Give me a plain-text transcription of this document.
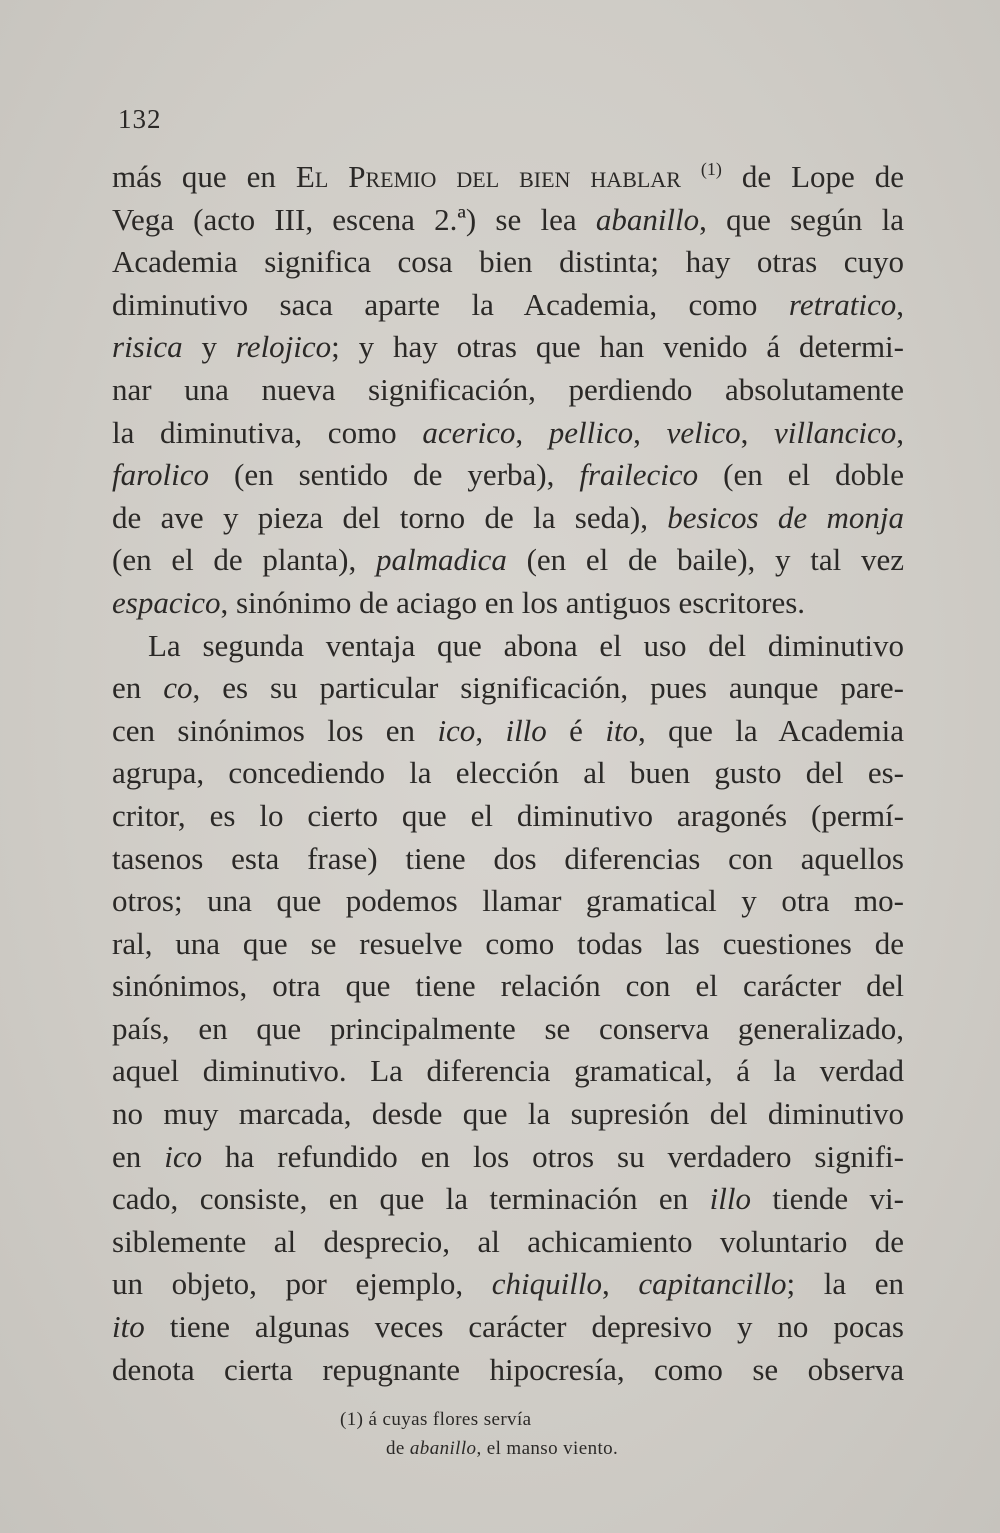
132
más que en El Premio del bien hablar $^{(1)}$ de Lope de
Vega (acto III, escena 2.ª) se lea abanillo, que según la
Academia significa cosa bien distinta; hay otras cuyo
diminutivo saca aparte la Academia, como retratico,
risica y relojico; y hay otras que han venido á determi-
nar una nueva significación, perdiendo absolutamente
la diminutiva, como acerico, pellico, velico, villancico,
farolico (en sentido de yerba), frailecico (en el doble
de ave y pieza del torno de la seda), besicos de monja
(en el de planta), palmadica (en el de baile), y tal vez
espacico, sinónimo de aciago en los antiguos escritores.
La segunda ventaja que abona el uso del diminutivo
en co, es su particular significación, pues aunque pare-
cen sinónimos los en ico, illo é ito, que la Academia
agrupa, concediendo la elección al buen gusto del es-
critor, es lo cierto que el diminutivo aragonés (permí-
tasenos esta frase) tiene dos diferencias con aquellos
otros; una que podemos llamar gramatical y otra mo-
ral, una que se resuelve como todas las cuestiones de
sinónimos, otra que tiene relación con el carácter del
país, en que principalmente se conserva generalizado,
aquel diminutivo. La diferencia gramatical, á la verdad
no muy marcada, desde que la supresión del diminutivo
en ico ha refundido en los otros su verdadero signifi-
cado, consiste, en que la terminación en illo tiende vi-
siblemente al desprecio, al achicamiento voluntario de
un objeto, por ejemplo, chiquillo, capitancillo; la en
ito tiene algunas veces carácter depresivo y no pocas
denota cierta repugnante hipocresía, como se observa
(1) á cuyas flores servía
de abanillo, el manso viento.
